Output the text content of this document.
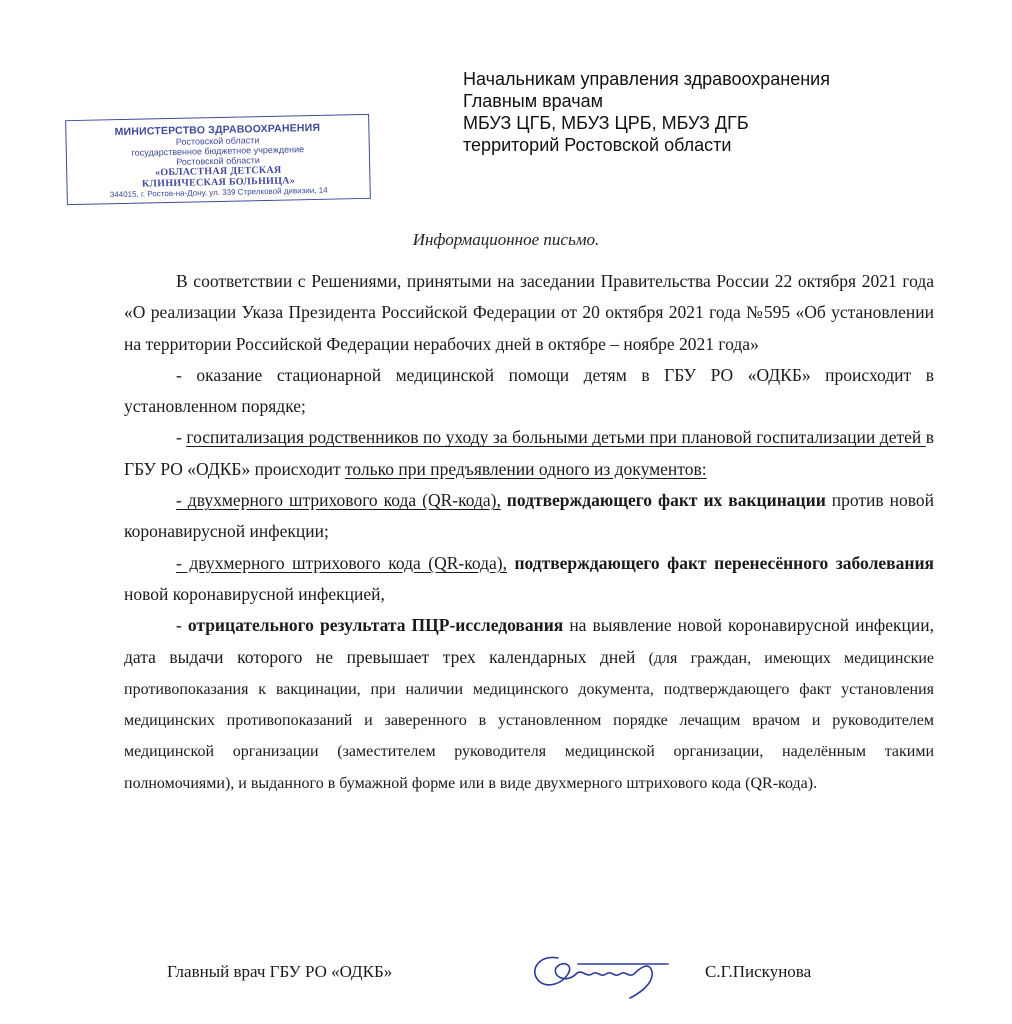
Начальникам управления здравоохранения
Главным врачам
МБУЗ ЦГБ, МБУЗ ЦРБ, МБУЗ ДГБ
территорий Ростовской области
МИНИСТЕРСТВО ЗДРАВООХРАНЕНИЯ
Ростовской области
государственное бюджетное учреждение
Ростовской области
«ОБЛАСТНАЯ ДЕТСКАЯ
КЛИНИЧЕСКАЯ БОЛЬНИЦА»
344015, г. Ростов-на-Дону, ул. 339 Стрелковой дивизии, 14
Информационное письмо.

В соответствии с Решениями, принятыми на заседании Правительства России 22 октября 2021 года «О реализации Указа Президента Российской Федерации от 20 октября 2021 года №595 «Об установлении на территории Российской Федерации нерабочих дней в октябре – ноябре 2021 года»

- оказание стационарной медицинской помощи детям в ГБУ РО «ОДКБ» происходит в установленном порядке;

- госпитализация родственников по уходу за больными детьми при плановой госпитализации детей в ГБУ РО «ОДКБ» происходит только при предъявлении одного из документов:

- двухмерного штрихового кода (QR-кода), подтверждающего факт их вакцинации против новой коронавирусной инфекции;

- двухмерного штрихового кода (QR-кода), подтверждающего факт перенесённого заболевания новой коронавирусной инфекцией,

- отрицательного результата ПЦР-исследования на выявление новой коронавирусной инфекции, дата выдачи которого не превышает трех календарных дней (для граждан, имеющих медицинские противопоказания к вакцинации, при наличии медицинского документа, подтверждающего факт установления медицинских противопоказаний и заверенного в установленном порядке лечащим врачом и руководителем медицинской организации (заместителем руководителя медицинской организации, наделённым такими полномочиями), и выданного в бумажной форме или в виде двухмерного штрихового кода (QR-кода).

Главный врач ГБУ РО «ОДКБ»	С.Г.Пискунова
